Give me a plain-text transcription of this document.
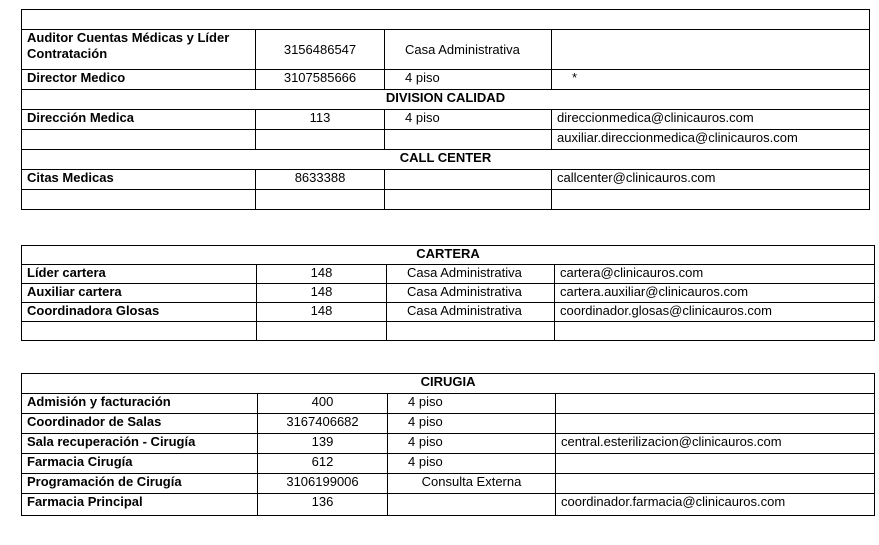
Auditor Cuentas Médicas y Líder Contratación	3156486547	Casa Administrativa	
Director Medico	3107585666	4 piso	*
DIVISION CALIDAD			
Dirección Medica	113	4 piso	direccionmedica@clinicauros.com
			auxiliar.direccionmedica@clinicauros.com
CALL CENTER			
Citas Medicas	8633388		callcenter@clinicauros.com

CARTERA			
Líder cartera	148	Casa Administrativa	cartera@clinicauros.com
Auxiliar cartera	148	Casa Administrativa	cartera.auxiliar@clinicauros.com
Coordinadora Glosas	148	Casa Administrativa	coordinador.glosas@clinicauros.com

CIRUGIA			
Admisión y facturación	400	4 piso	
Coordinador de Salas	3167406682	4 piso	
Sala recuperación - Cirugía	139	4 piso	central.esterilizacion@clinicauros.com
Farmacia Cirugía	612	4 piso	
Programación de Cirugía	3106199006	Consulta Externa	
Farmacia Principal	136		coordinador.farmacia@clinicauros.com
